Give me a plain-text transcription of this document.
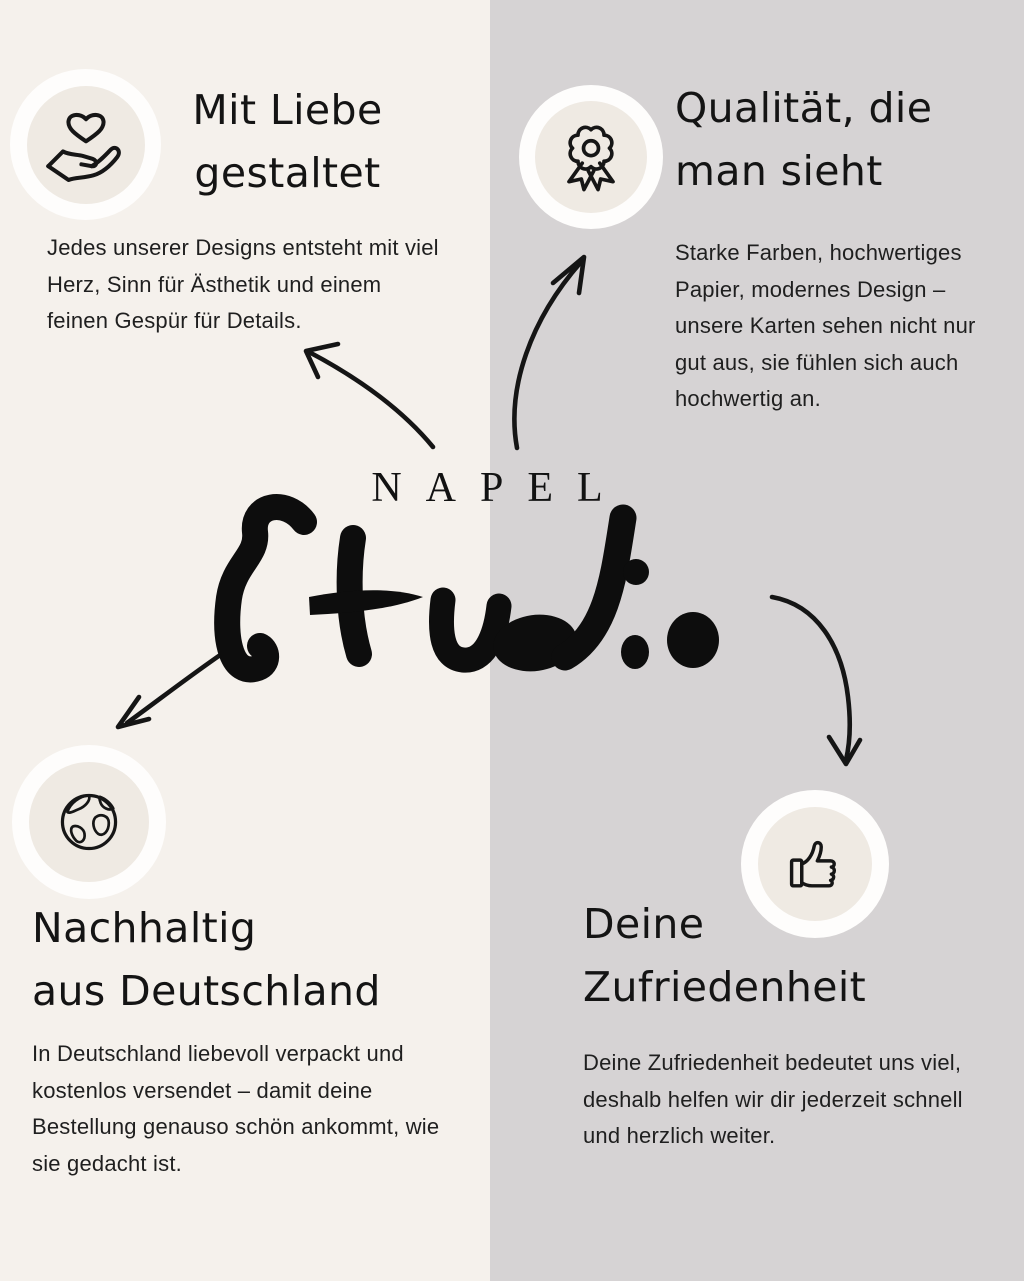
Mit Liebe
gestaltet
Jedes unserer Designs entsteht mit viel
Herz, Sinn für Ästhetik und einem
feinen Gespür für Details.
Qualität, die
man sieht
Starke Farben, hochwertiges
Papier, modernes Design –
unsere Karten sehen nicht nur
gut aus, sie fühlen sich auch
hochwertig an.
NAPEL
Nachhaltig
aus Deutschland
In Deutschland liebevoll verpackt und
kostenlos versendet – damit deine
Bestellung genauso schön ankommt, wie
sie gedacht ist.
Deine
Zufriedenheit
Deine Zufriedenheit bedeutet uns viel,
deshalb helfen wir dir jederzeit schnell
und herzlich weiter.
